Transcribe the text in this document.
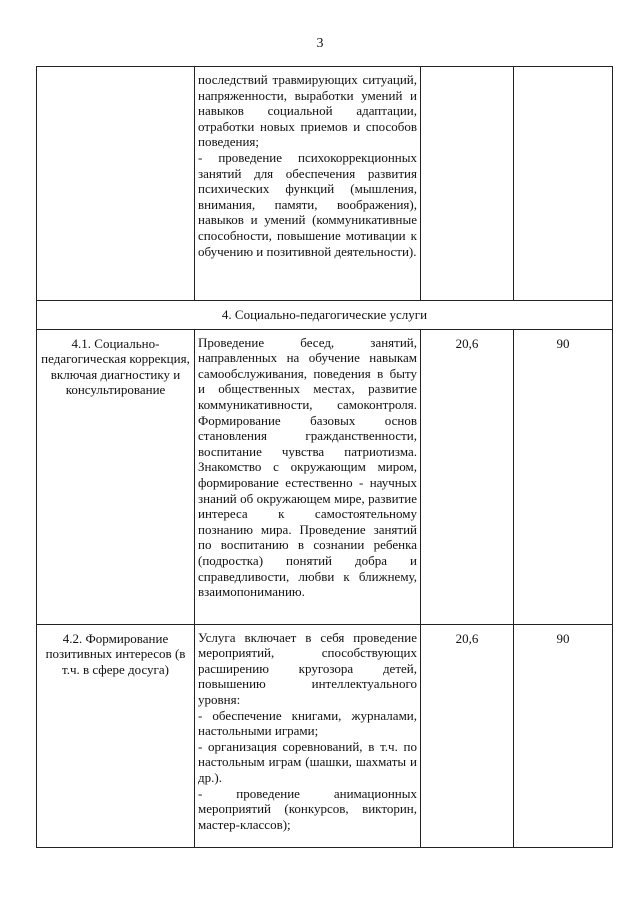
3

	последствий травмирующих ситуаций, напряженности, выработки умений и навыков социальной адаптации, отработки новых приемов и способов поведения;

- проведение психокоррекционных занятий для обеспечения развития психических функций (мышления, внимания, памяти, воображения), навыков и умений (коммуникативные способности, повышение мотивации к обучению и позитивной деятельности).		

4. Социально-педагогические услуги			
4.1. Социально-педагогическая коррекция, включая диагностику и консультирование	Проведение бесед, занятий, направленных на обучение навыкам самообслуживания, поведения в быту и общественных местах, развитие коммуникативности, самоконтроля. Формирование базовых основ становления гражданственности, воспитание чувства патриотизма. Знакомство с окружающим миром, формирование естественно - научных знаний об окружающем мире, развитие интереса к самостоятельному познанию мира. Проведение занятий по воспитанию в сознании ребенка (подростка) понятий добра и справедливости, любви к ближнему, взаимопониманию.	20,6	90
4.2. Формирование позитивных интересов (в т.ч. в сфере досуга)	Услуга включает в себя проведение мероприятий, способствующих расширению кругозора детей, повышению интеллектуального уровня:

- обеспечение книгами, журналами, настольными играми;

- организация соревнований, в т.ч. по настольным играм (шашки, шахматы и др.).

- проведение анимационных мероприятий (конкурсов, викторин, мастер-классов);	20,6	90
